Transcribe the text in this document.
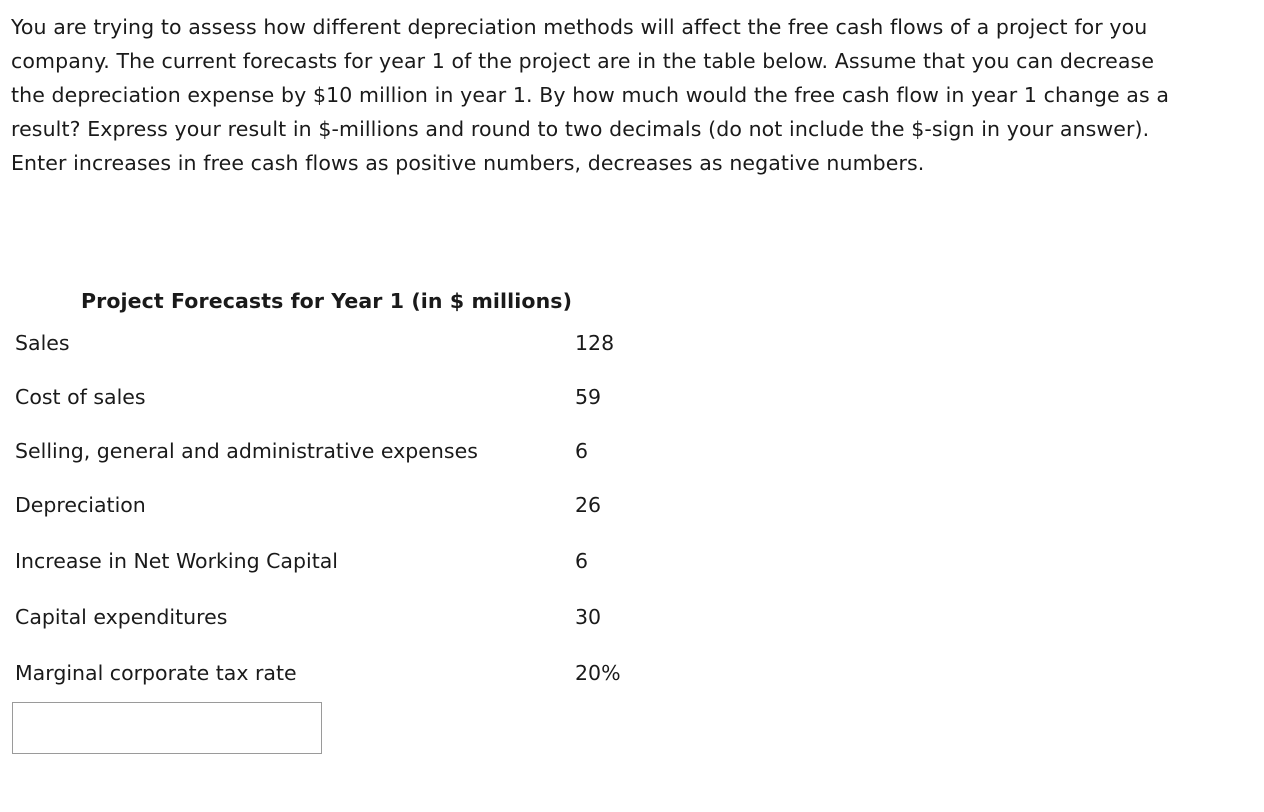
You are trying to assess how different depreciation methods will affect the free cash flows of a project for you

company. The current forecasts for year 1 of the project are in the table below. Assume that you can decrease

the depreciation expense by $10 million in year 1. By how much would the free cash flow in year 1 change as a

result? Express your result in $-millions and round to two decimals (do not include the $-sign in your answer).

Enter increases in free cash flows as positive numbers, decreases as negative numbers.

Project Forecasts for Year 1 (in $ millions)
Sales	128
Cost of sales	59
Selling, general and administrative expenses	6
Depreciation	26
Increase in Net Working Capital	6
Capital expenditures	30
Marginal corporate tax rate	20%
